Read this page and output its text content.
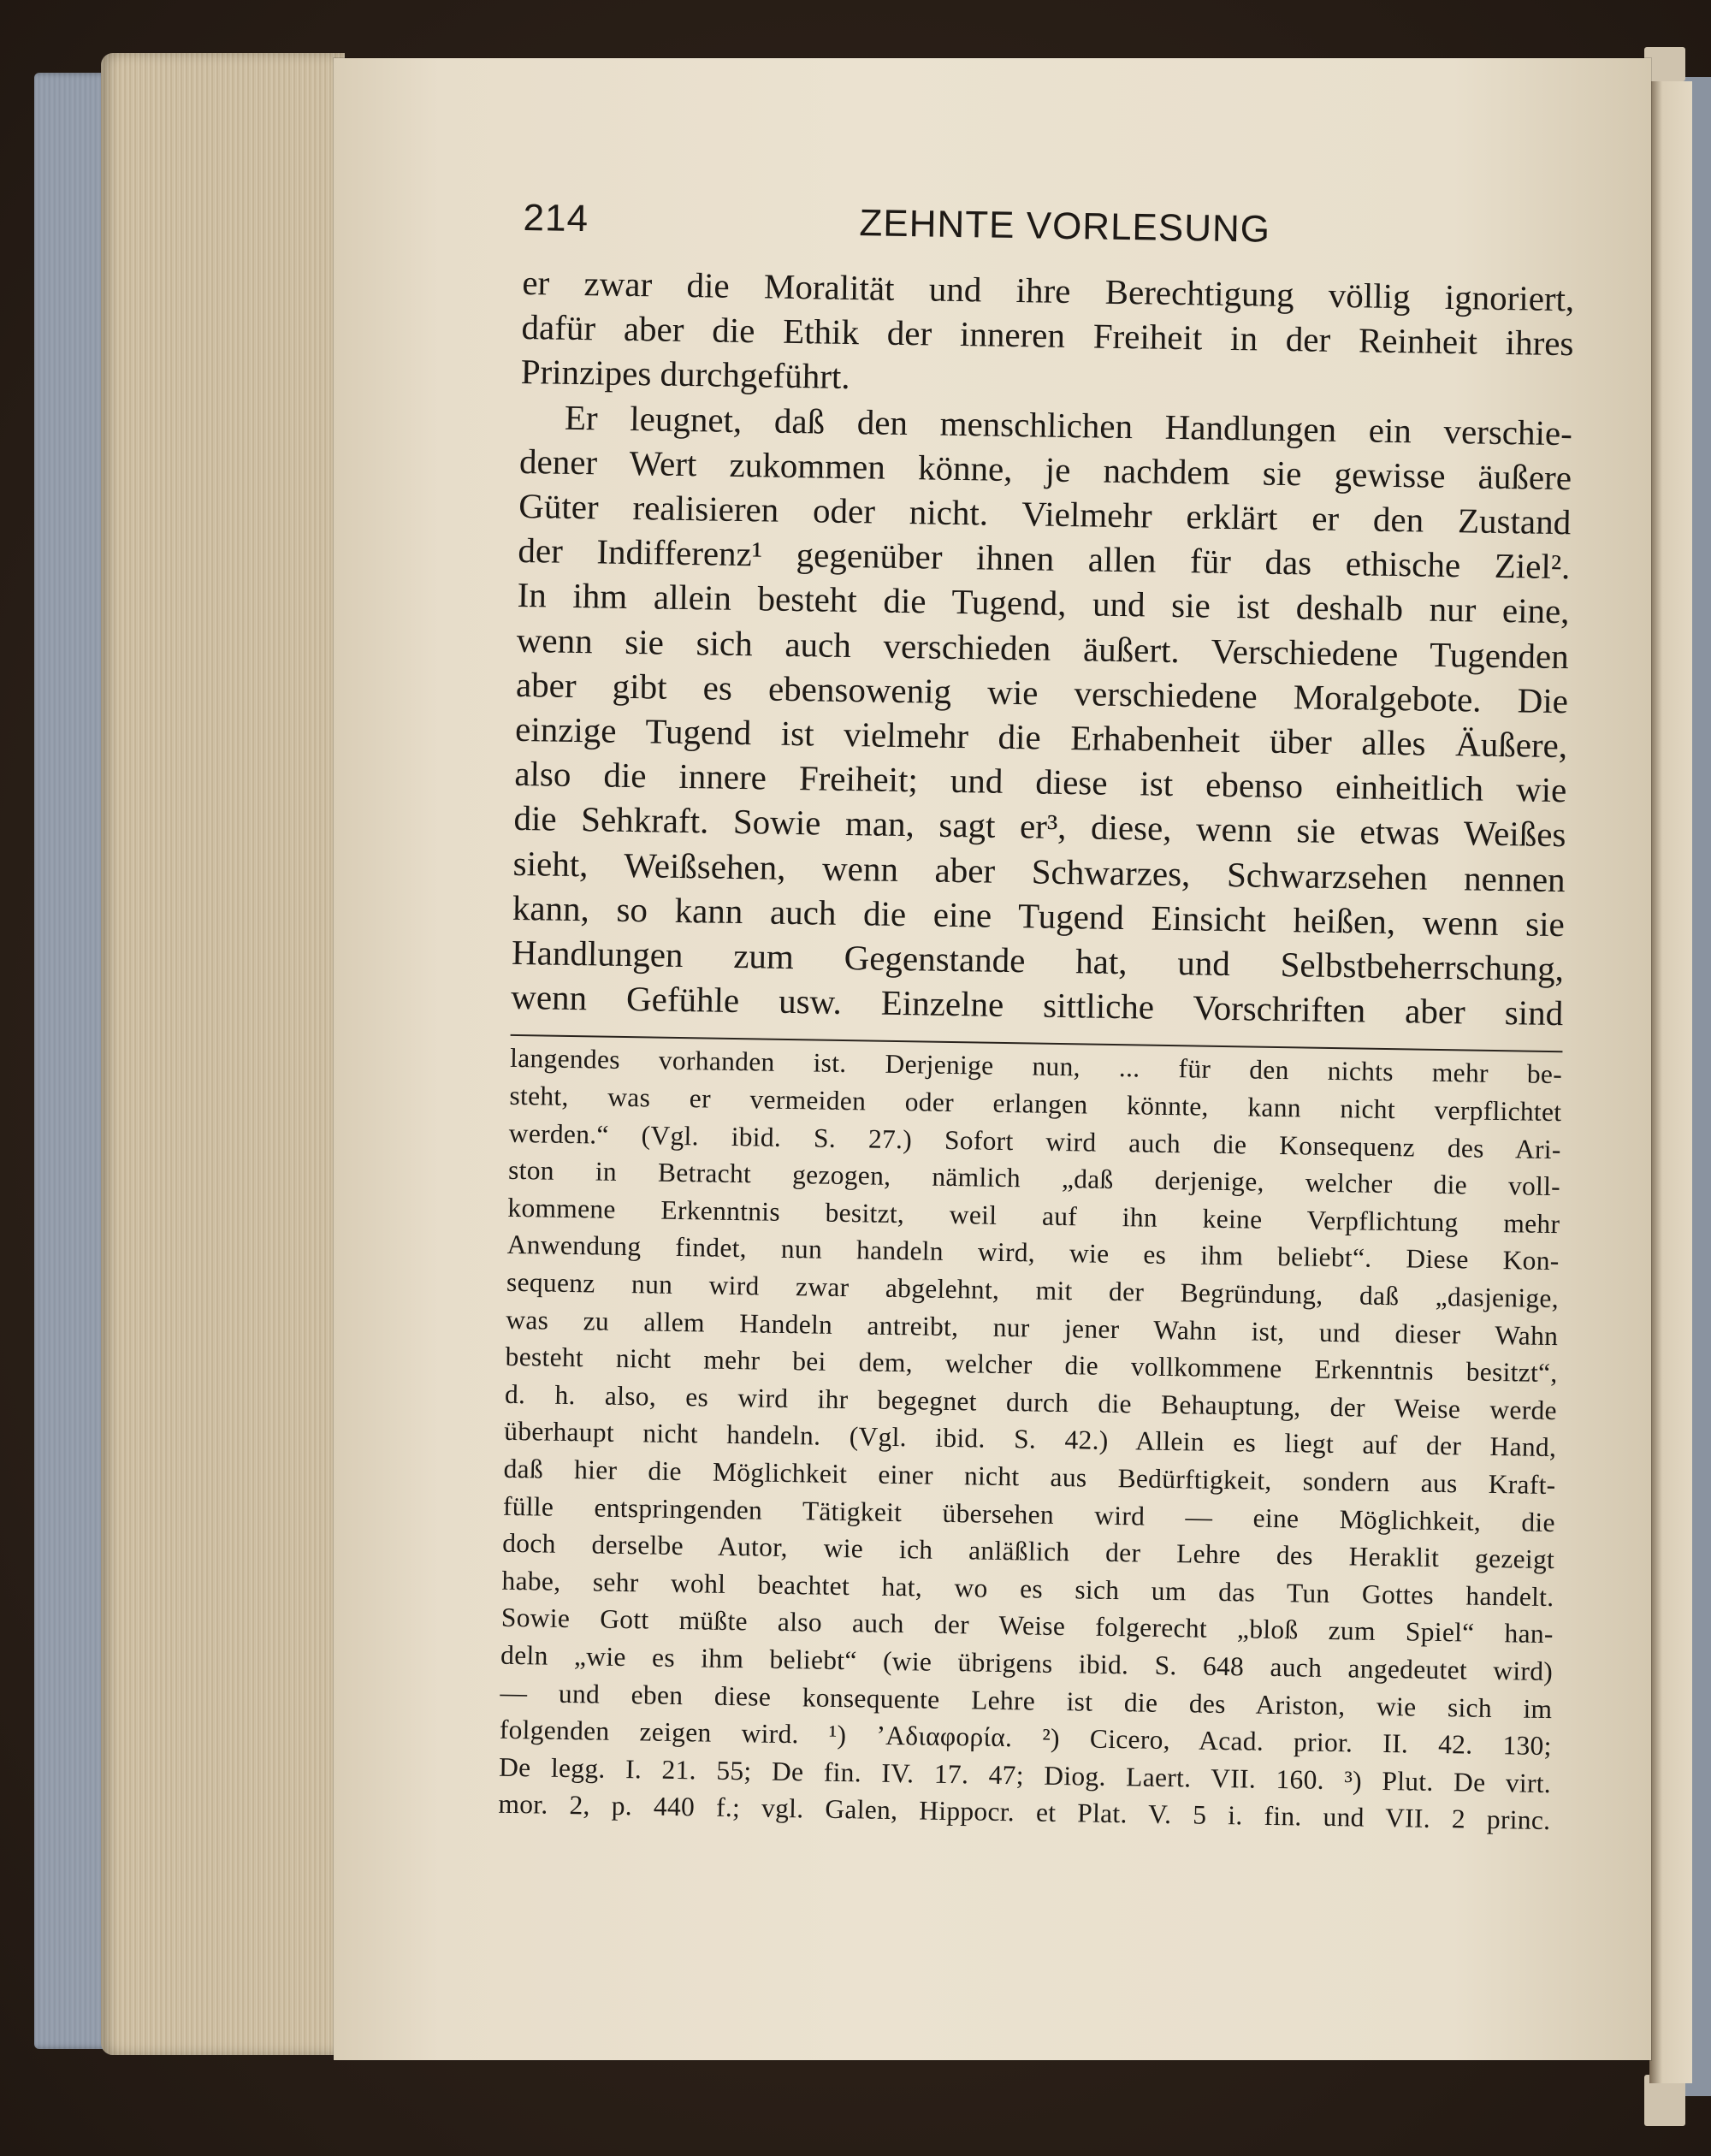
214	ZEHNTE VORLESUNG

er zwar die Moralität und ihre Berechtigung völlig ignoriert,

dafür aber die Ethik der inneren Freiheit in der Reinheit ihres

Prinzipes durchgeführt.

Er leugnet, daß den menschlichen Handlungen ein verschie-

dener Wert zukommen könne, je nachdem sie gewisse äußere

Güter realisieren oder nicht. Vielmehr erklärt er den Zustand

der Indifferenz¹ gegenüber ihnen allen für das ethische Ziel².

In ihm allein besteht die Tugend, und sie ist deshalb nur eine,

wenn sie sich auch verschieden äußert. Verschiedene Tugenden

aber gibt es ebensowenig wie verschiedene Moralgebote. Die

einzige Tugend ist vielmehr die Erhabenheit über alles Äußere,

also die innere Freiheit; und diese ist ebenso einheitlich wie

die Sehkraft. Sowie man, sagt er³, diese, wenn sie etwas Weißes

sieht, Weißsehen, wenn aber Schwarzes, Schwarzsehen nennen

kann, so kann auch die eine Tugend Einsicht heißen, wenn sie

Handlungen zum Gegenstande hat, und Selbstbeherrschung,

wenn Gefühle usw. Einzelne sittliche Vorschriften aber sind

langendes vorhanden ist. Derjenige nun, ... für den nichts mehr be-

steht, was er vermeiden oder erlangen könnte, kann nicht verpflichtet

werden.“ (Vgl. ibid. S. 27.) Sofort wird auch die Konsequenz des Ari-

ston in Betracht gezogen, nämlich „daß derjenige, welcher die voll-

kommene Erkenntnis besitzt, weil auf ihn keine Verpflichtung mehr

Anwendung findet, nun handeln wird, wie es ihm beliebt“. Diese Kon-

sequenz nun wird zwar abgelehnt, mit der Begründung, daß „dasjenige,

was zu allem Handeln antreibt, nur jener Wahn ist, und dieser Wahn

besteht nicht mehr bei dem, welcher die vollkommene Erkenntnis besitzt“,

d. h. also, es wird ihr begegnet durch die Behauptung, der Weise werde

überhaupt nicht handeln. (Vgl. ibid. S. 42.) Allein es liegt auf der Hand,

daß hier die Möglichkeit einer nicht aus Bedürftigkeit, sondern aus Kraft-

fülle entspringenden Tätigkeit übersehen wird — eine Möglichkeit, die

doch derselbe Autor, wie ich anläßlich der Lehre des Heraklit gezeigt

habe, sehr wohl beachtet hat, wo es sich um das Tun Gottes handelt.

Sowie Gott müßte also auch der Weise folgerecht „bloß zum Spiel“ han-

deln „wie es ihm beliebt“ (wie übrigens ibid. S. 648 auch angedeutet wird)

— und eben diese konsequente Lehre ist die des Ariston, wie sich im

folgenden zeigen wird. ¹) ’Αδιαφορία. ²) Cicero, Acad. prior. II. 42. 130;

De legg. I. 21. 55; De fin. IV. 17. 47; Diog. Laert. VII. 160. ³) Plut. De virt.

mor. 2, p. 440 f.; vgl. Galen, Hippocr. et Plat. V. 5 i. fin. und VII. 2 princ.
